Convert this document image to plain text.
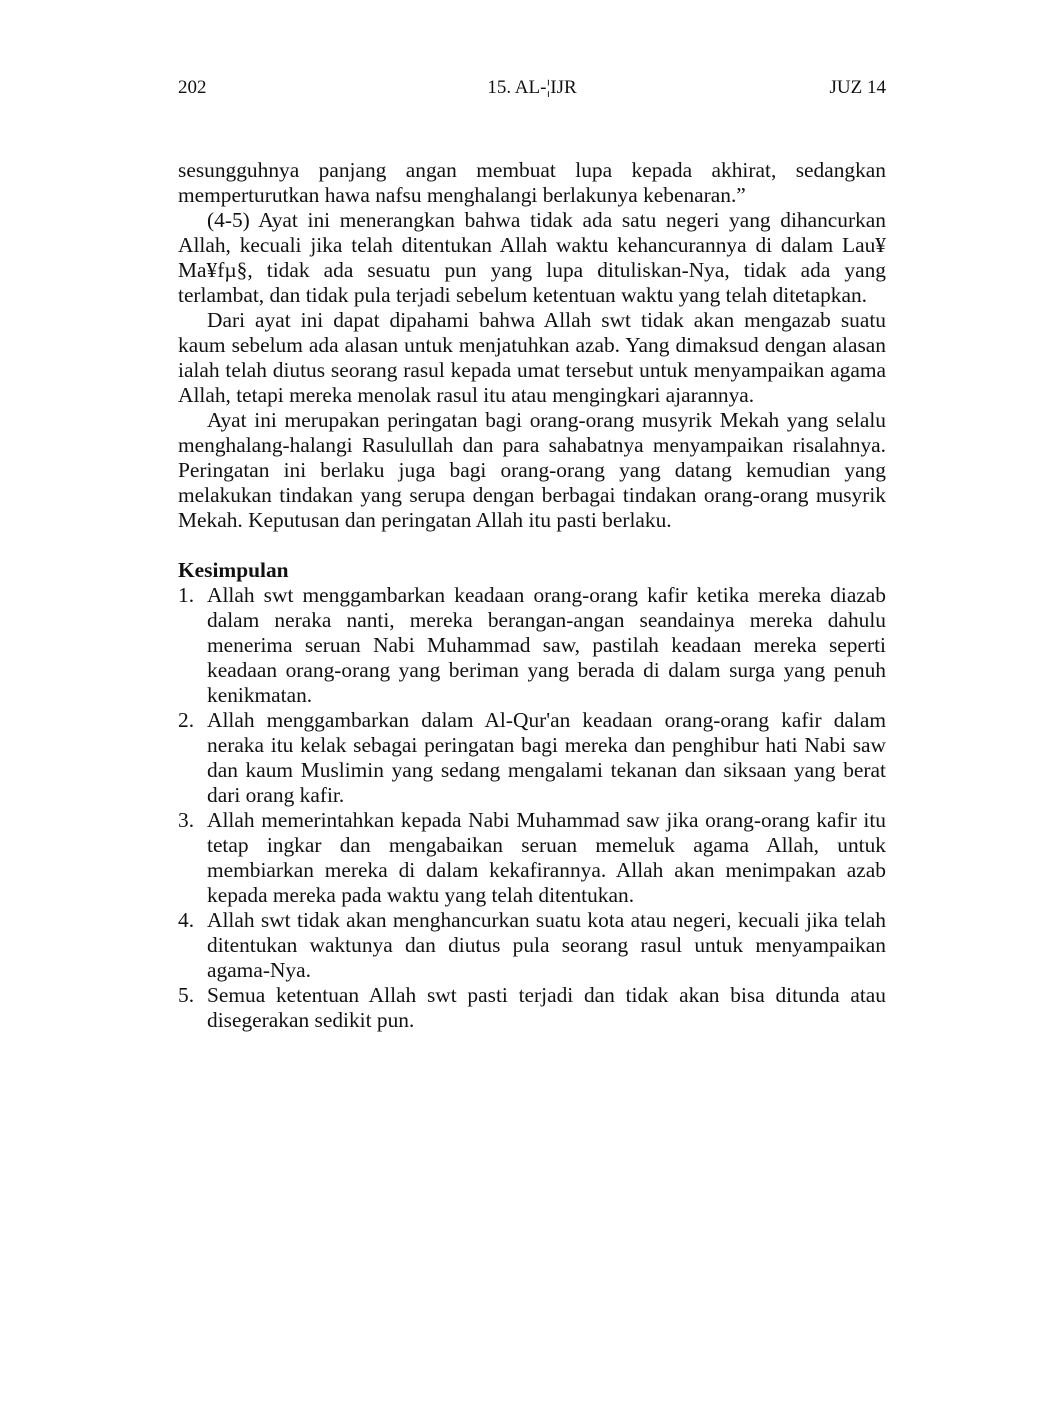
202	15. AL-¦IJR	JUZ 14

sesungguhnya panjang angan membuat lupa kepada akhirat, sedangkan memperturutkan hawa nafsu menghalangi berlakunya kebenaran.”

(4-5) Ayat ini menerangkan bahwa tidak ada satu negeri yang dihancurkan Allah, kecuali jika telah ditentukan Allah waktu kehancurannya di dalam Lau¥ Ma¥fµ§, tidak ada sesuatu pun yang lupa dituliskan-Nya, tidak ada yang terlambat, dan tidak pula terjadi sebelum ketentuan waktu yang telah ditetapkan.

Dari ayat ini dapat dipahami bahwa Allah swt tidak akan mengazab suatu kaum sebelum ada alasan untuk menjatuhkan azab. Yang dimaksud dengan alasan ialah telah diutus seorang rasul kepada umat tersebut untuk menyampaikan agama Allah, tetapi mereka menolak rasul itu atau mengingkari ajarannya.

Ayat ini merupakan peringatan bagi orang-orang musyrik Mekah yang selalu menghalang-halangi Rasulullah dan para sahabatnya menyampaikan risalahnya. Peringatan ini berlaku juga bagi orang-orang yang datang kemudian yang melakukan tindakan yang serupa dengan berbagai tindakan orang-orang musyrik Mekah. Keputusan dan peringatan Allah itu pasti berlaku.

Kesimpulan
1. Allah swt menggambarkan keadaan orang-orang kafir ketika mereka diazab dalam neraka nanti, mereka berangan-angan seandainya mereka dahulu menerima seruan Nabi Muhammad saw, pastilah keadaan mereka seperti keadaan orang-orang yang beriman yang berada di dalam surga yang penuh kenikmatan.
2. Allah menggambarkan dalam Al-Qur'an keadaan orang-orang kafir dalam neraka itu kelak sebagai peringatan bagi mereka dan penghibur hati Nabi saw dan kaum Muslimin yang sedang mengalami tekanan dan siksaan yang berat dari orang kafir.
3. Allah memerintahkan kepada Nabi Muhammad saw jika orang-orang kafir itu tetap ingkar dan mengabaikan seruan memeluk agama Allah, untuk membiarkan mereka di dalam kekafirannya. Allah akan menimpakan azab kepada mereka pada waktu yang telah ditentukan.
4. Allah swt tidak akan menghancurkan suatu kota atau negeri, kecuali jika telah ditentukan waktunya dan diutus pula seorang rasul untuk menyampaikan agama-Nya.
5. Semua ketentuan Allah swt pasti terjadi dan tidak akan bisa ditunda atau disegerakan sedikit pun.
